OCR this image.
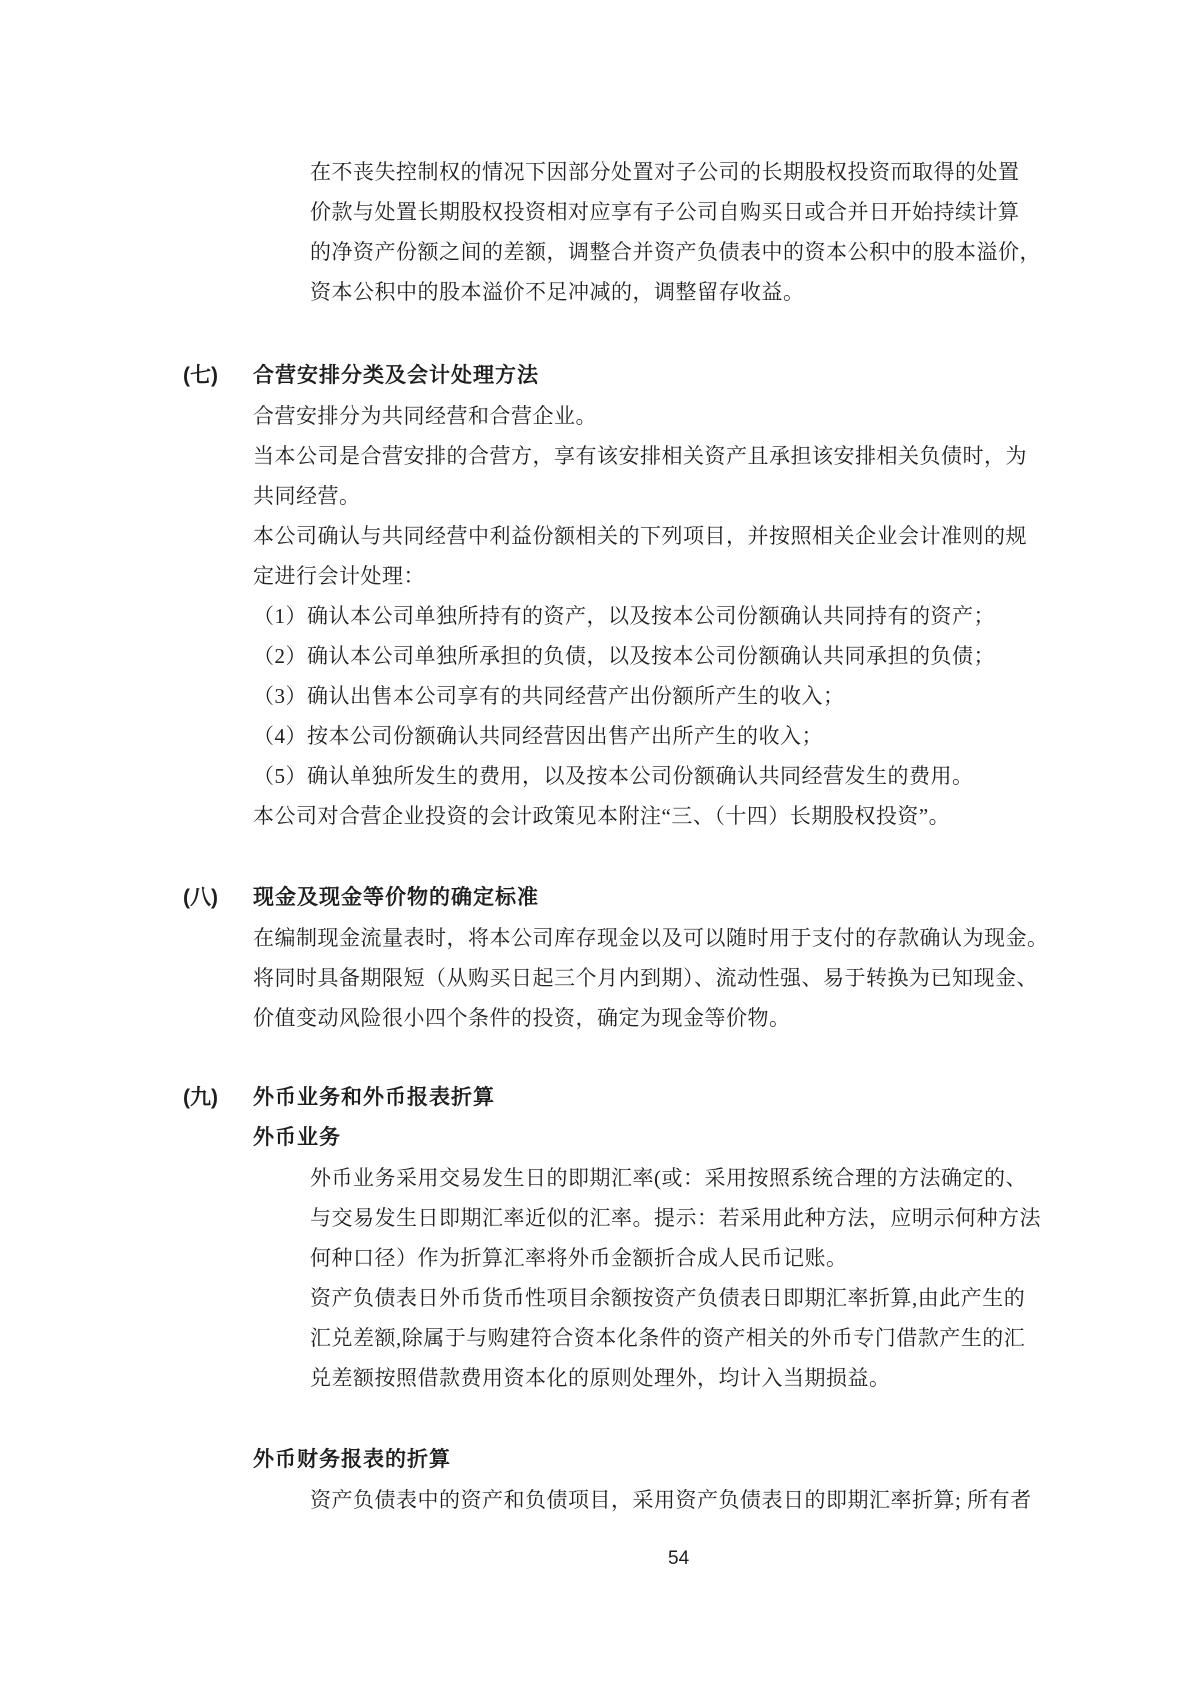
在不丧失控制权的情况下因部分处置对子公司的长期股权投资而取得的处置
价款与处置长期股权投资相对应享有子公司自购买日或合并日开始持续计算
的净资产份额之间的差额，调整合并资产负债表中的资本公积中的股本溢价，
资本公积中的股本溢价不足冲减的，调整留存收益。
(七) 合营安排分类及会计处理方法
合营安排分为共同经营和合营企业。
当本公司是合营安排的合营方，享有该安排相关资产且承担该安排相关负债时，为
共同经营。
本公司确认与共同经营中利益份额相关的下列项目，并按照相关企业会计准则的规
定进行会计处理：
（1）确认本公司单独所持有的资产，以及按本公司份额确认共同持有的资产；
（2）确认本公司单独所承担的负债，以及按本公司份额确认共同承担的负债；
（3）确认出售本公司享有的共同经营产出份额所产生的收入；
（4）按本公司份额确认共同经营因出售产出所产生的收入；
（5）确认单独所发生的费用，以及按本公司份额确认共同经营发生的费用。
本公司对合营企业投资的会计政策见本附注“三、（十四）长期股权投资”。
(八) 现金及现金等价物的确定标准
在编制现金流量表时，将本公司库存现金以及可以随时用于支付的存款确认为现金。
将同时具备期限短（从购买日起三个月内到期）、流动性强、易于转换为已知现金、
价值变动风险很小四个条件的投资，确定为现金等价物。
(九) 外币业务和外币报表折算
外币业务
外币业务采用交易发生日的即期汇率(或：采用按照系统合理的方法确定的、
与交易发生日即期汇率近似的汇率。提示：若采用此种方法，应明示何种方法
何种口径）作为折算汇率将外币金额折合成人民币记账。
资产负债表日外币货币性项目余额按资产负债表日即期汇率折算,由此产生的
汇兑差额,除属于与购建符合资本化条件的资产相关的外币专门借款产生的汇
兑差额按照借款费用资本化的原则处理外，均计入当期损益。
外币财务报表的折算
资产负债表中的资产和负债项目，采用资产负债表日的即期汇率折算; 所有者
54
